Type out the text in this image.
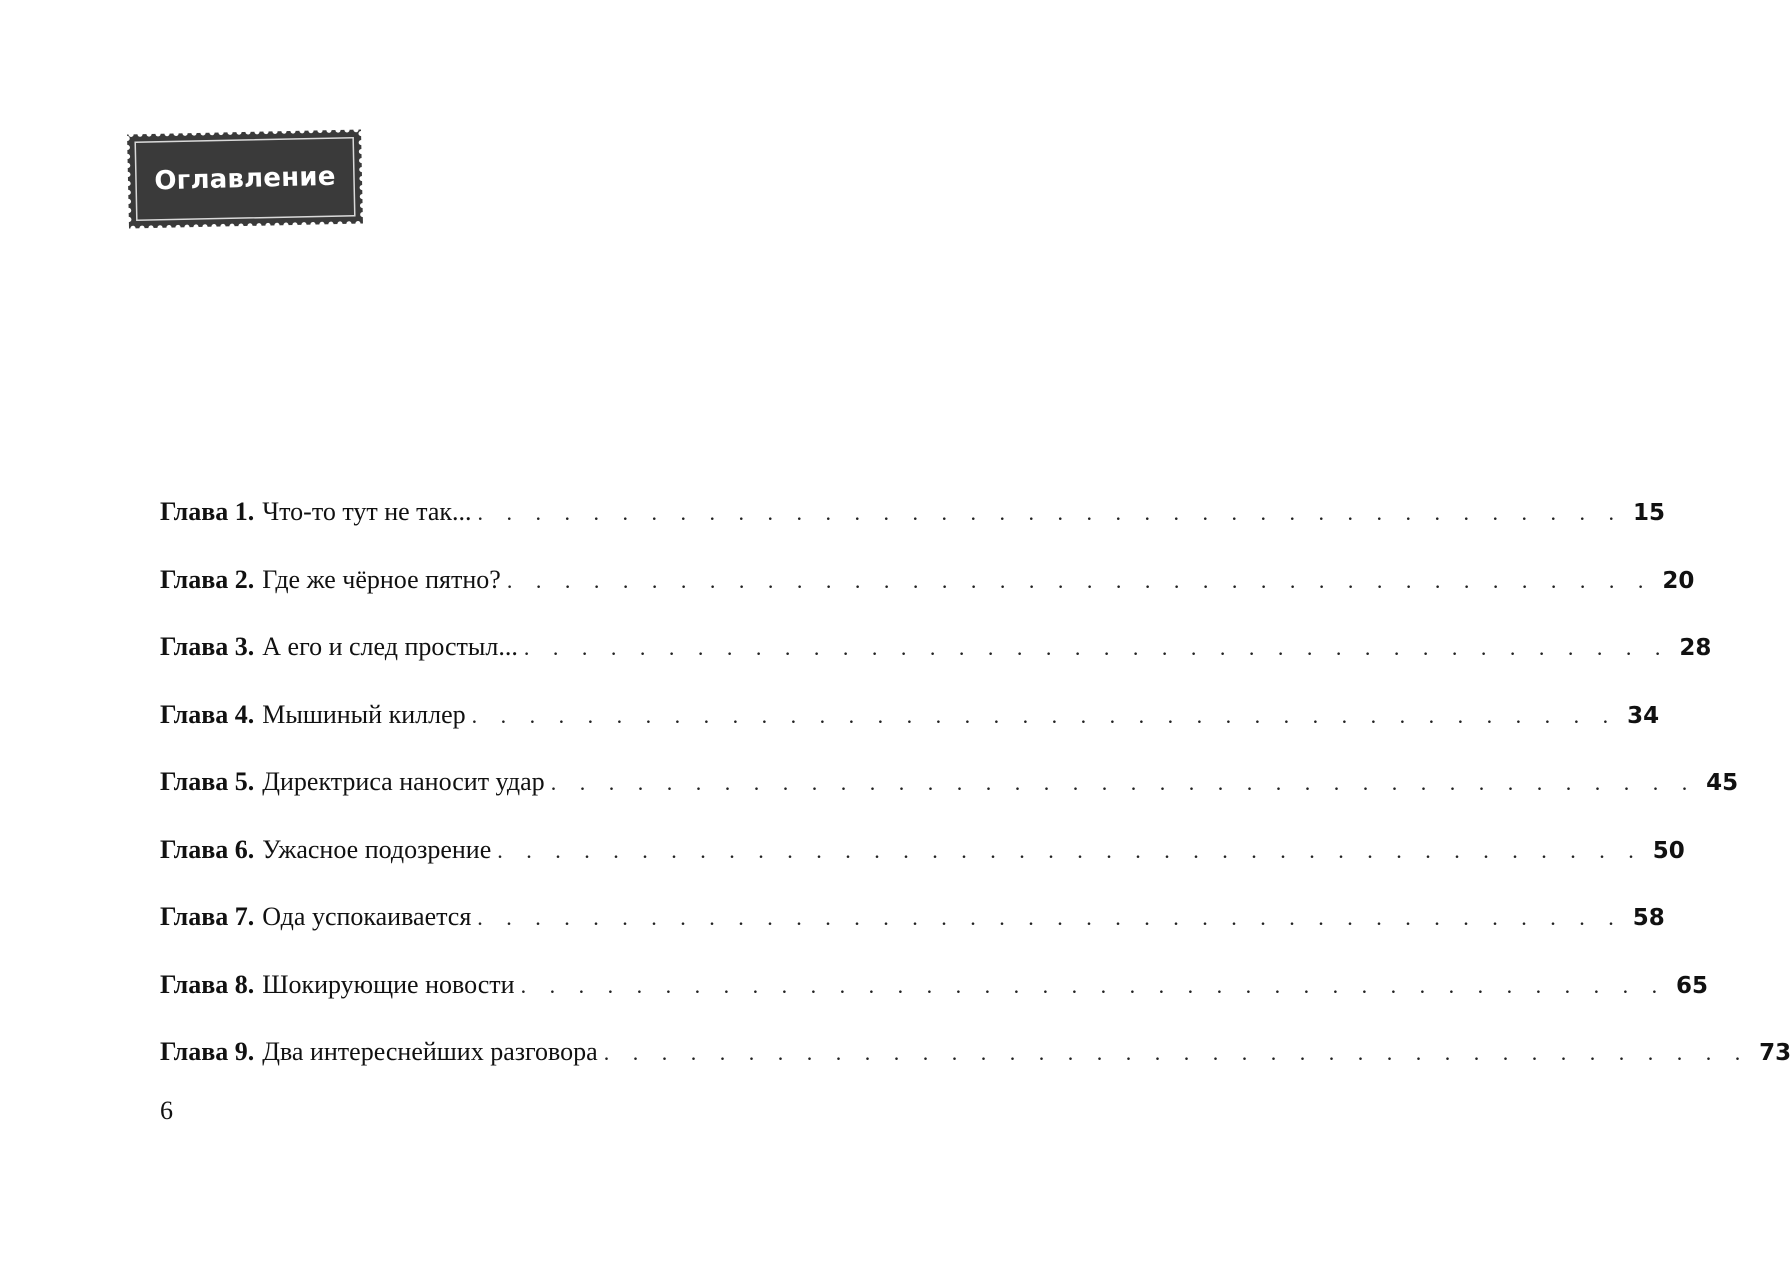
Оглавление
Глава 1. Что-то тут не так... . . . . . . . . . . . . . . . . . . . . . . . . . . . . . . . . . . . . . . . . 15
Глава 2. Где же чёрное пятно? . . . . . . . . . . . . . . . . . . . . . . . . . . . . . . . . . . . . . . . . 20
Глава 3. А его и след простыл... . . . . . . . . . . . . . . . . . . . . . . . . . . . . . . . . . . . . . . . . 28
Глава 4. Мышиный киллер . . . . . . . . . . . . . . . . . . . . . . . . . . . . . . . . . . . . . . . . 34
Глава 5. Директриса наносит удар . . . . . . . . . . . . . . . . . . . . . . . . . . . . . . . . . . . . . . . . 45
Глава 6. Ужасное подозрение . . . . . . . . . . . . . . . . . . . . . . . . . . . . . . . . . . . . . . . . 50
Глава 7. Ода успокаивается . . . . . . . . . . . . . . . . . . . . . . . . . . . . . . . . . . . . . . . . 58
Глава 8. Шокирующие новости . . . . . . . . . . . . . . . . . . . . . . . . . . . . . . . . . . . . . . . . 65
Глава 9. Два интереснейших разговора . . . . . . . . . . . . . . . . . . . . . . . . . . . . . . . . . . . . . . . . 73
6
